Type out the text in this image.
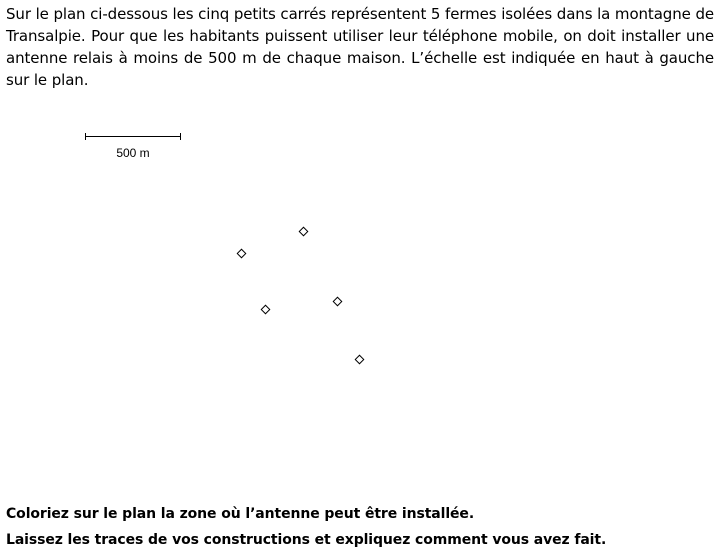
Sur le plan ci-dessous les cinq petits carrés représentent 5 fermes isolées dans la montagne de Transalpie. Pour que les habitants puissent utiliser leur téléphone mobile, on doit installer une antenne relais à moins de 500 m de chaque maison. L’échelle est indiquée en haut à gauche sur le plan.

500 m

Coloriez sur le plan la zone où l’antenne peut être installée.

Laissez les traces de vos constructions et expliquez comment vous avez fait.
